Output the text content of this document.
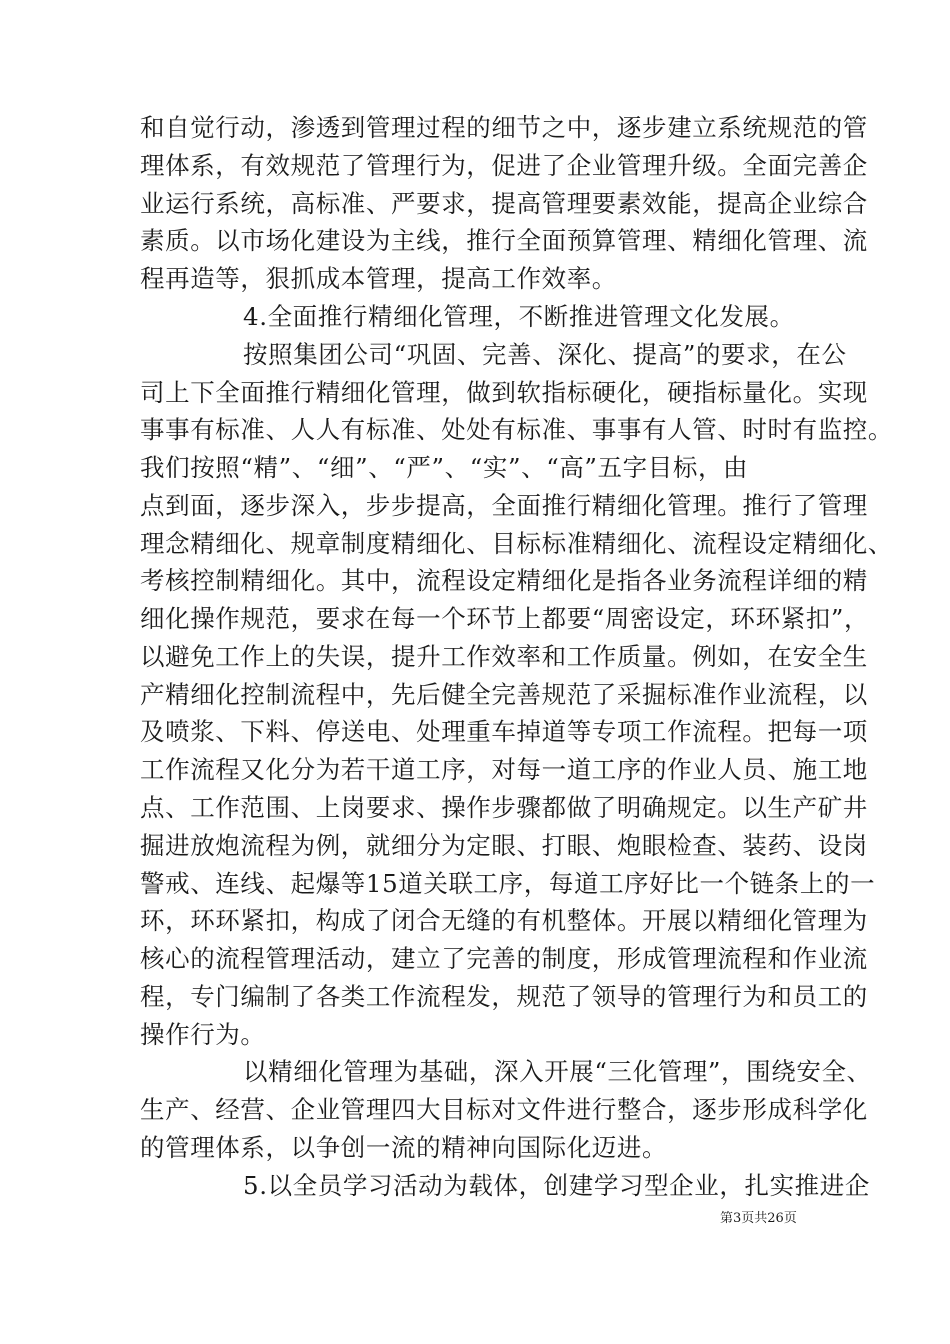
和自觉行动，渗透到管理过程的细节之中，逐步建立系统规范的管
理体系，有效规范了管理行为，促进了企业管理升级。全面完善企
业运行系统，高标准、严要求，提高管理要素效能，提高企业综合
素质。以市场化建设为主线，推行全面预算管理、精细化管理、流
程再造等，狠抓成本管理，提高工作效率。
4.全面推行精细化管理，不断推进管理文化发展。
按照集团公司“巩固、完善、深化、提高”的要求，在公
司上下全面推行精细化管理，做到软指标硬化，硬指标量化。实现
事事有标准、人人有标准、处处有标准、事事有人管、时时有监控。
我们按照“精”、“细”、“严”、“实”、“高”五字目标，由
点到面，逐步深入，步步提高，全面推行精细化管理。推行了管理
理念精细化、规章制度精细化、目标标准精细化、流程设定精细化、
考核控制精细化。其中，流程设定精细化是指各业务流程详细的精
细化操作规范，要求在每一个环节上都要“周密设定，环环紧扣”，
以避免工作上的失误，提升工作效率和工作质量。例如，在安全生
产精细化控制流程中，先后健全完善规范了采掘标准作业流程，以
及喷浆、下料、停送电、处理重车掉道等专项工作流程。把每一项
工作流程又化分为若干道工序，对每一道工序的作业人员、施工地
点、工作范围、上岗要求、操作步骤都做了明确规定。以生产矿井
掘进放炮流程为例，就细分为定眼、打眼、炮眼检查、装药、设岗
警戒、连线、起爆等15道关联工序，每道工序好比一个链条上的一
环，环环紧扣，构成了闭合无缝的有机整体。开展以精细化管理为
核心的流程管理活动，建立了完善的制度，形成管理流程和作业流
程，专门编制了各类工作流程发，规范了领导的管理行为和员工的
操作行为。
以精细化管理为基础，深入开展“三化管理”，围绕安全、
生产、经营、企业管理四大目标对文件进行整合，逐步形成科学化
的管理体系，以争创一流的精神向国际化迈进。
5.以全员学习活动为载体，创建学习型企业，扎实推进企
第3页共26页
